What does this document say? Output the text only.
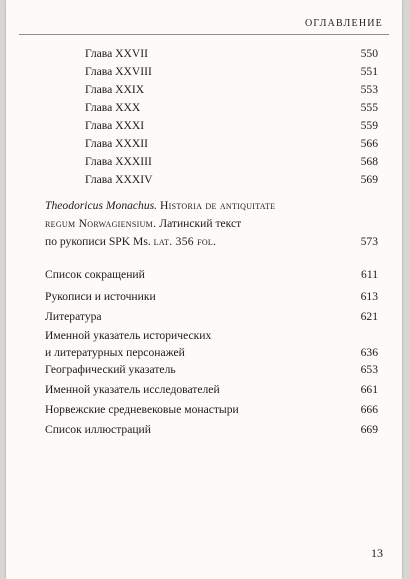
ОГЛАВЛЕНИЕ
Глава XXVII	550
Глава XXVIII	551
Глава XXIX	553
Глава XXX	555
Глава XXXI	559
Глава XXXII	566
Глава XXXIII	568
Глава XXXIV	569
Theodoricus Monachus. Historia de antiquitate
regum Norwagiensium. Латинский текст
по рукописи SPK Ms. lat. 356 fol.	573
Список сокращений	611
Рукописи и источники	613
Литература	621
Именной указатель исторических
и литературных персонажей	636
Географический указатель	653
Именной указатель исследователей	661
Норвежские средневековые монастыри	666
Список иллюстраций	669
13
